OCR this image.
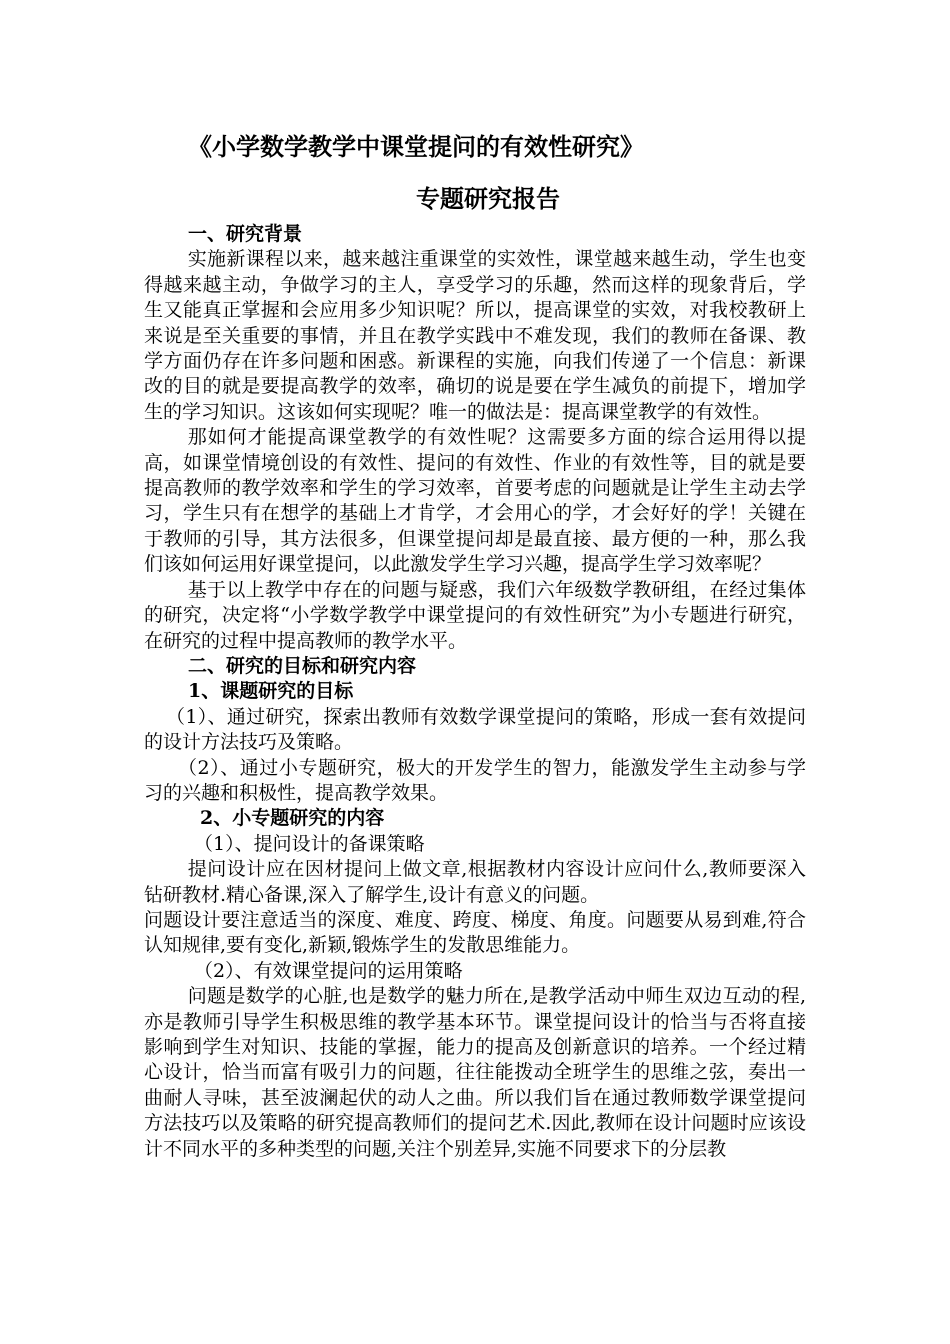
《小学数学教学中课堂提问的有效性研究》
专题研究报告

一、研究背景

实施新课程以来，越来越注重课堂的实效性，课堂越来越生动，学生也变得越来越主动，争做学习的主人，享受学习的乐趣，然而这样的现象背后，学生又能真正掌握和会应用多少知识呢？所以，提高课堂的实效，对我校教研上来说是至关重要的事情，并且在教学实践中不难发现，我们的教师在备课、教学方面仍存在许多问题和困惑。新课程的实施，向我们传递了一个信息：新课改的目的就是要提高教学的效率，确切的说是要在学生减负的前提下，增加学生的学习知识。这该如何实现呢？唯一的做法是：提高课堂教学的有效性。

那如何才能提高课堂教学的有效性呢？这需要多方面的综合运用得以提高，如课堂情境创设的有效性、提问的有效性、作业的有效性等，目的就是要提高教师的教学效率和学生的学习效率，首要考虑的问题就是让学生主动去学习，学生只有在想学的基础上才肯学，才会用心的学，才会好好的学！关键在于教师的引导，其方法很多，但课堂提问却是最直接、最方便的一种，那么我们该如何运用好课堂提问，以此激发学生学习兴趣，提高学生学习效率呢？

基于以上教学中存在的问题与疑惑，我们六年级数学教研组，在经过集体的研究，决定将“小学数学教学中课堂提问的有效性研究”为小专题进行研究，在研究的过程中提高教师的教学水平。

二、研究的目标和研究内容

1、课题研究的目标

（1）、通过研究，探索出教师有效数学课堂提问的策略，形成一套有效提问的设计方法技巧及策略。

（2）、通过小专题研究，极大的开发学生的智力，能激发学生主动参与学习的兴趣和积极性，提高教学效果。

2、小专题研究的内容

（1）、提问设计的备课策略

提问设计应在因材提问上做文章,根据教材内容设计应问什么,教师要深入钻研教材.精心备课,深入了解学生,设计有意义的问题。

问题设计要注意适当的深度、难度、跨度、梯度、角度。问题要从易到难,符合认知规律,要有变化,新颖,锻炼学生的发散思维能力。

（2）、有效课堂提问的运用策略

问题是数学的心脏,也是数学的魅力所在,是教学活动中师生双边互动的程,亦是教师引导学生积极思维的教学基本环节。课堂提问设计的恰当与否将直接影响到学生对知识、技能的掌握，能力的提高及创新意识的培养。一个经过精心设计，恰当而富有吸引力的问题，往往能拨动全班学生的思维之弦，奏出一曲耐人寻味，甚至波澜起伏的动人之曲。所以我们旨在通过教师数学课堂提问方法技巧以及策略的研究提高教师们的提问艺术.因此,教师在设计问题时应该设计不同水平的多种类型的问题,关注个别差异,实施不同要求下的分层教
